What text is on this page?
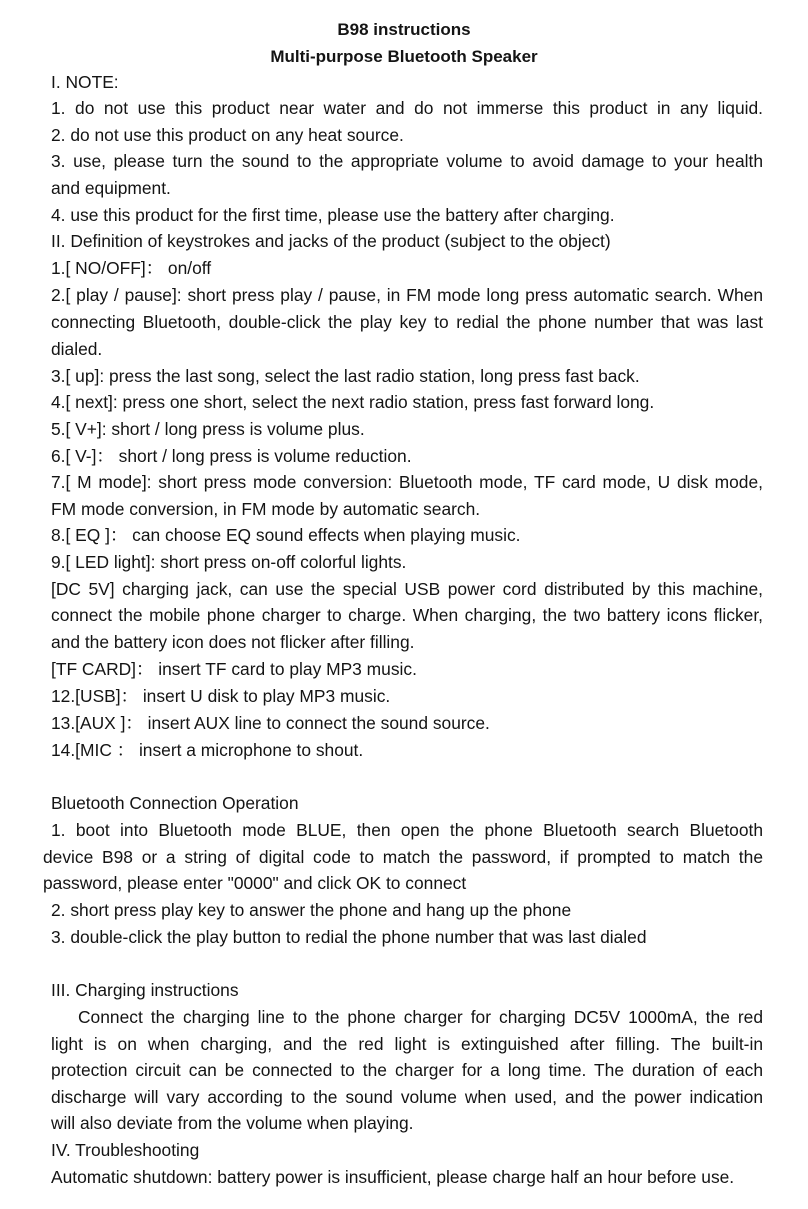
B98 instructions
Multi-purpose Bluetooth Speaker
I. NOTE:
1. do not use this product near water and do not immerse this product in any liquid.
2. do not use this product on any heat source.
3. use, please turn the sound to the appropriate volume to avoid damage to your health
and equipment.
4. use this product for the first time, please use the battery after charging.
II. Definition of keystrokes and jacks of the product (subject to the object)
1.[ NO/OFF]： on/off
2.[ play / pause]: short press play / pause, in FM mode long press automatic search. When
connecting Bluetooth, double-click the play key to redial the phone number that was last
dialed.
3.[ up]: press the last song, select the last radio station, long press fast back.
4.[ next]: press one short, select the next radio station, press fast forward long.
5.[ V+]: short / long press is volume plus.
6.[ V-]： short / long press is volume reduction.
7.[ M mode]: short press mode conversion: Bluetooth mode, TF card mode, U disk mode,
FM mode conversion, in FM mode by automatic search.
8.[ EQ ]： can choose EQ sound effects when playing music.
9.[ LED light]: short press on-off colorful lights.
[DC 5V] charging jack, can use the special USB power cord distributed by this machine,
connect the mobile phone charger to charge. When charging, the two battery icons flicker,
and the battery icon does not flicker after filling.
[TF CARD]： insert TF card to play MP3 music.
12.[USB]： insert U disk to play MP3 music.
13.[AUX ]： insert AUX line to connect the sound source.
14.[MIC ： insert a microphone to shout.
Bluetooth Connection Operation
1. boot into Bluetooth mode BLUE, then open the phone Bluetooth search Bluetooth
device B98 or a string of digital code to match the password, if prompted to match the
password, please enter "0000" and click OK to connect
2. short press play key to answer the phone and hang up the phone
3. double-click the play button to redial the phone number that was last dialed
III. Charging instructions
Connect the charging line to the phone charger for charging DC5V 1000mA, the red
light is on when charging, and the red light is extinguished after filling. The built-in
protection circuit can be connected to the charger for a long time. The duration of each
discharge will vary according to the sound volume when used, and the power indication
will also deviate from the volume when playing.
IV. Troubleshooting
Automatic shutdown: battery power is insufficient, please charge half an hour before use.
